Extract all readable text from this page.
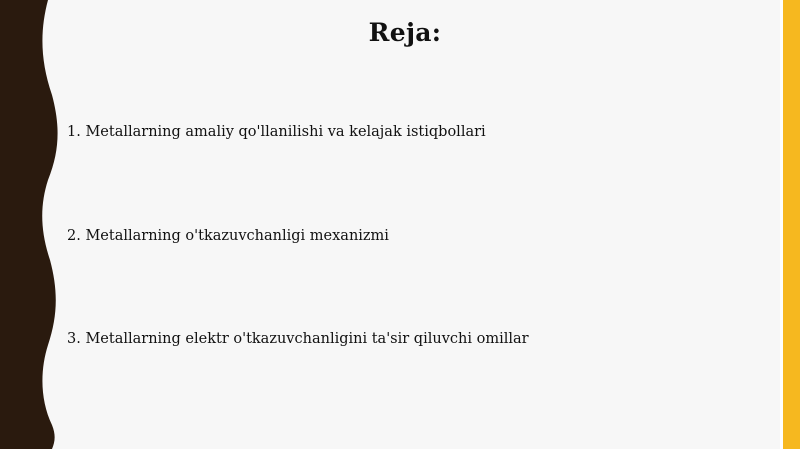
Reja:
1. Metallarning amaliy qo'llanilishi va kelajak istiqbollari
2. Metallarning o'tkazuvchanligi mexanizmi
3. Metallarning elektr o'tkazuvchanligini ta'sir qiluvchi omillar
